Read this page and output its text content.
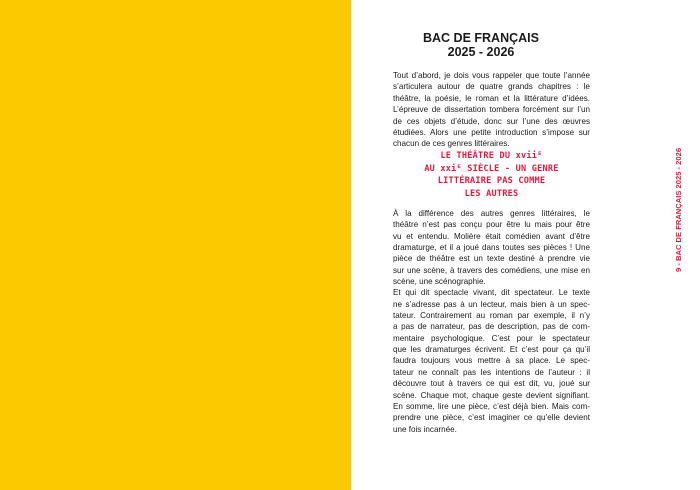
BAC DE FRANÇAIS
2025 - 2026
Tout d’abord, je dois vous rappeler que toute l’année
s’articulera autour de quatre grands chapitres : le
théâtre, la poésie, le roman et la littérature d’idées.
L’épreuve de dissertation tombera forcément sur l’un
de ces objets d’étude, donc sur l’une des œuvres
étudiées. Alors une petite introduction s’impose sur
chacun de ces genres littéraires.
LE THÉÂTRE DU xviiᴱ
AU xxiᴱ SIÈCLE - UN GENRE
LITTÉRAIRE PAS COMME
LES AUTRES
À la différence des autres genres littéraires, le
théâtre n’est pas conçu pour être lu mais pour être
vu et entendu. Molière était comédien avant d’être
dramaturge, et il a joué dans toutes ses pièces ! Une
pièce de théâtre est un texte destiné à prendre vie
sur une scène, à travers des comédiens, une mise en
scène, une scénographie.
Et qui dit spectacle vivant, dit spectateur. Le texte
ne s’adresse pas à un lecteur, mais bien à un spec-
tateur. Contrairement au roman par exemple, il n’y
a pas de narrateur, pas de description, pas de com-
mentaire psychologique. C’est pour le spectateur
que les dramaturges écrivent. Et c’est pour ça qu’il
faudra toujours vous mettre à sa place. Le spec-
tateur ne connaît pas les intentions de l’auteur : il
découvre tout à travers ce qui est dit, vu, joué sur
scène. Chaque mot, chaque geste devient signifiant.
En somme, lire une pièce, c’est déjà bien. Mais com-
prendre une pièce, c’est imaginer ce qu’elle devient
une fois incarnée.
9 - BAC DE FRANÇAIS 2025 - 2026
